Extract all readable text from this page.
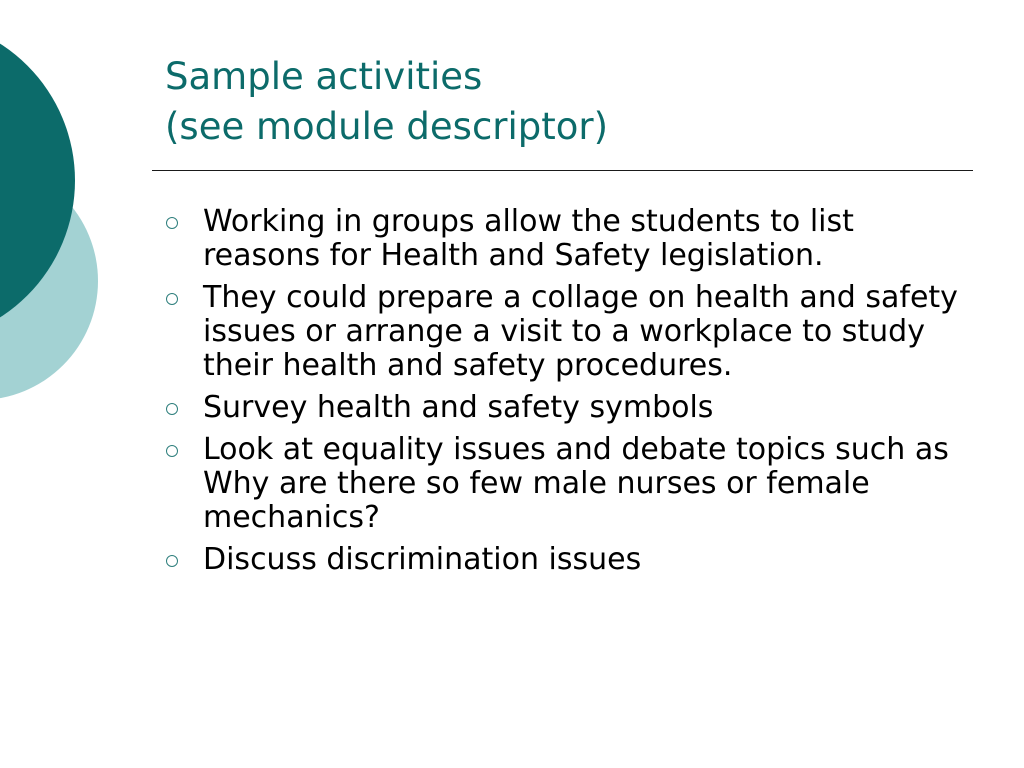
Sample activities
(see module descriptor)
Working in groups allow the students to list reasons for Health and Safety legislation.
They could prepare a collage on health and safety issues or arrange a visit to a workplace to study their health and safety procedures.
Survey health and safety symbols
Look at equality issues and debate topics such as Why are there so few male nurses or female mechanics?
Discuss discrimination issues
